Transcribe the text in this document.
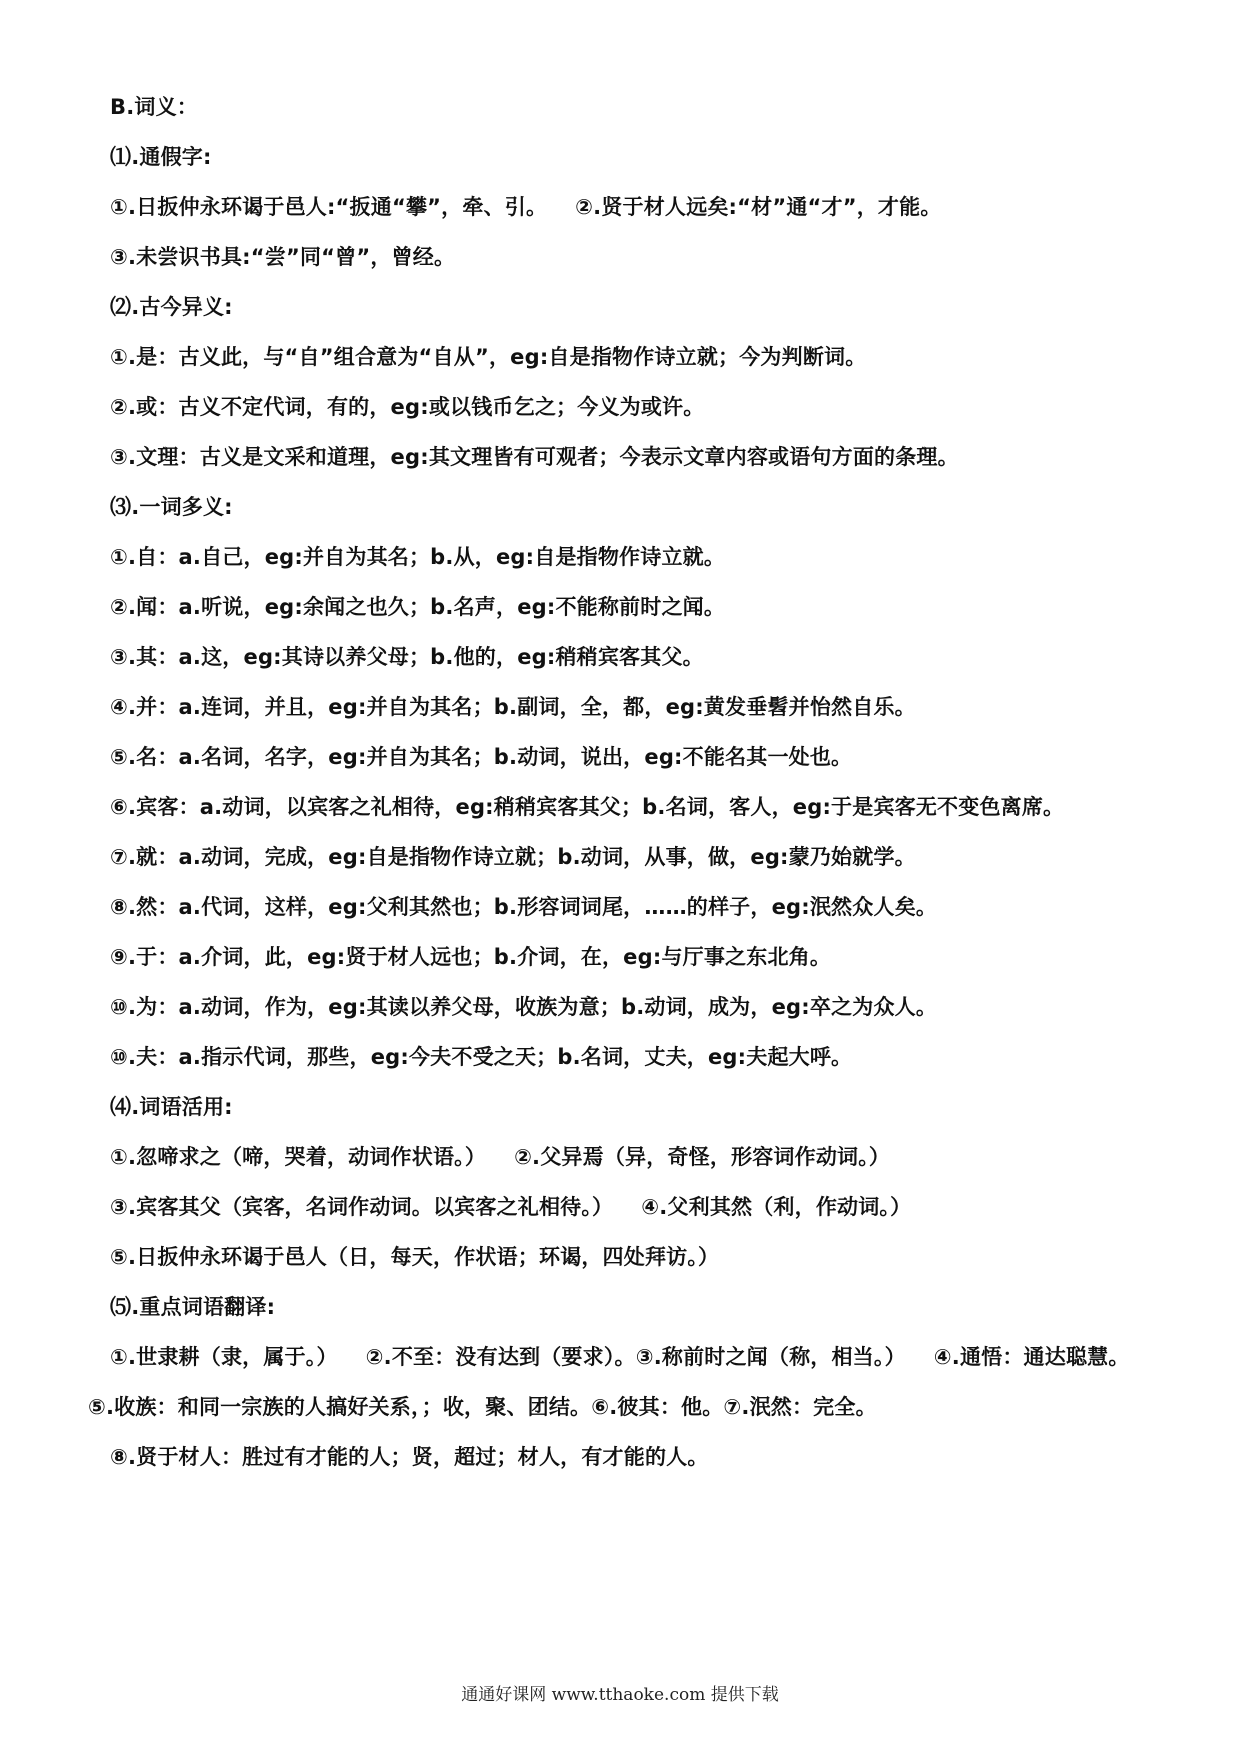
B.词义：
⑴.通假字:
①.日扳仲永环谒于邑人:“扳通“攀”，牵、引。 ②.贤于材人远矣:“材”通“才”，才能。
③.未尝识书具:“尝”同“曾”，曾经。
⑵.古今异义:
①.是：古义此，与“自”组合意为“自从”，eg:自是指物作诗立就；今为判断词。
②.或：古义不定代词，有的，eg:或以钱币乞之；今义为或许。
③.文理：古义是文采和道理，eg:其文理皆有可观者；今表示文章内容或语句方面的条理。
⑶.一词多义:
①.自：a.自己，eg:并自为其名；b.从，eg:自是指物作诗立就。
②.闻：a.听说，eg:余闻之也久；b.名声，eg:不能称前时之闻。
③.其：a.这，eg:其诗以养父母；b.他的，eg:稍稍宾客其父。
④.并：a.连词，并且，eg:并自为其名；b.副词，全，都，eg:黄发垂髫并怡然自乐。
⑤.名：a.名词，名字，eg:并自为其名；b.动词，说出，eg:不能名其一处也。
⑥.宾客：a.动词，以宾客之礼相待，eg:稍稍宾客其父；b.名词，客人，eg:于是宾客无不变色离席。
⑦.就：a.动词，完成，eg:自是指物作诗立就；b.动词，从事，做，eg:蒙乃始就学。
⑧.然：a.代词，这样，eg:父利其然也；b.形容词词尾，……的样子，eg:泯然众人矣。
⑨.于：a.介词，此，eg:贤于材人远也；b.介词，在，eg:与厅事之东北角。
⑩.为：a.动词，作为，eg:其读以养父母，收族为意；b.动词，成为，eg:卒之为众人。
⑩.夫：a.指示代词，那些，eg:今夫不受之天；b.名词，丈夫，eg:夫起大呼。
⑷.词语活用:
①.忽啼求之（啼，哭着，动词作状语。） ②.父异焉（异，奇怪，形容词作动词。）
③.宾客其父（宾客，名词作动词。以宾客之礼相待。） ④.父利其然（利，作动词。）
⑤.日扳仲永环谒于邑人（日，每天，作状语；环谒，四处拜访。）
⑸.重点词语翻译:
①.世隶耕（隶，属于。） ②.不至：没有达到（要求）。③.称前时之闻（称，相当。） ④.通悟：通达聪慧。
⑤.收族：和同一宗族的人搞好关系，；收，聚、团结。⑥.彼其：他。⑦.泯然：完全。
⑧.贤于材人：胜过有才能的人；贤，超过；材人，有才能的人。
通通好课网 www.tthaoke.com 提供下载
